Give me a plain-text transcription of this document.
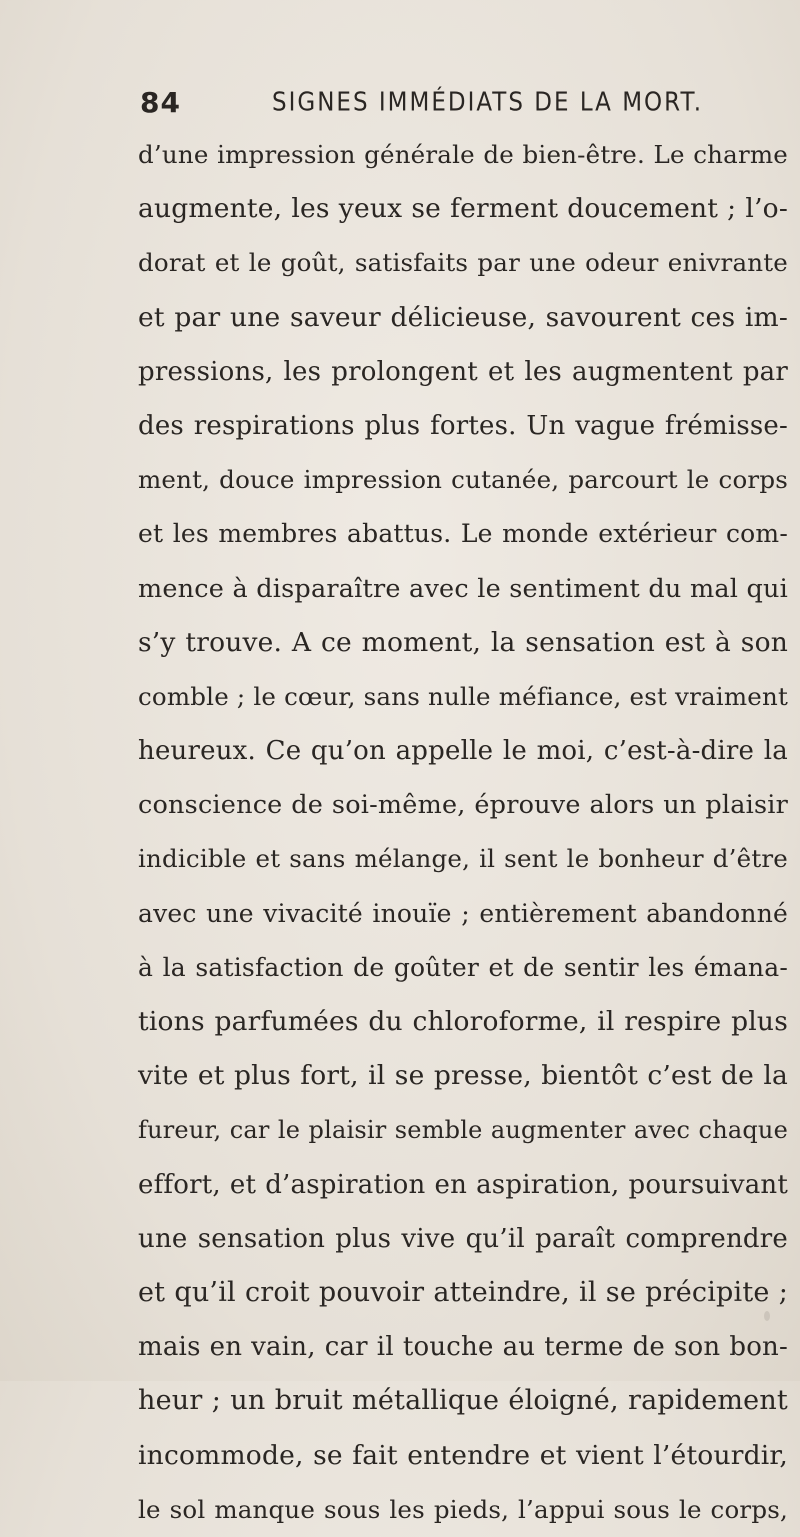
84	SIGNES IMMÉDIATS DE LA MORT.
d’une impression générale de bien-être. Le charme
augmente, les yeux se ferment doucement ; l’o-
dorat et le goût, satisfaits par une odeur enivrante
et par une saveur délicieuse, savourent ces im-
pressions, les prolongent et les augmentent par
des respirations plus fortes. Un vague frémisse-
ment, douce impression cutanée, parcourt le corps
et les membres abattus. Le monde extérieur com-
mence à disparaître avec le sentiment du mal qui
s’y trouve. A ce moment, la sensation est à son
comble ; le cœur, sans nulle méfiance, est vraiment
heureux. Ce qu’on appelle le moi, c’est-à-dire la
conscience de soi-même, éprouve alors un plaisir
indicible et sans mélange, il sent le bonheur d’être
avec une vivacité inouïe ; entièrement abandonné
à la satisfaction de goûter et de sentir les émana-
tions parfumées du chloroforme, il respire plus
vite et plus fort, il se presse, bientôt c’est de la
fureur, car le plaisir semble augmenter avec chaque
effort, et d’aspiration en aspiration, poursuivant
une sensation plus vive qu’il paraît comprendre
et qu’il croit pouvoir atteindre, il se précipite ;
mais en vain, car il touche au terme de son bon-
heur ; un bruit métallique éloigné, rapidement
incommode, se fait entendre et vient l’étourdir,
le sol manque sous les pieds, l’appui sous le corps,
